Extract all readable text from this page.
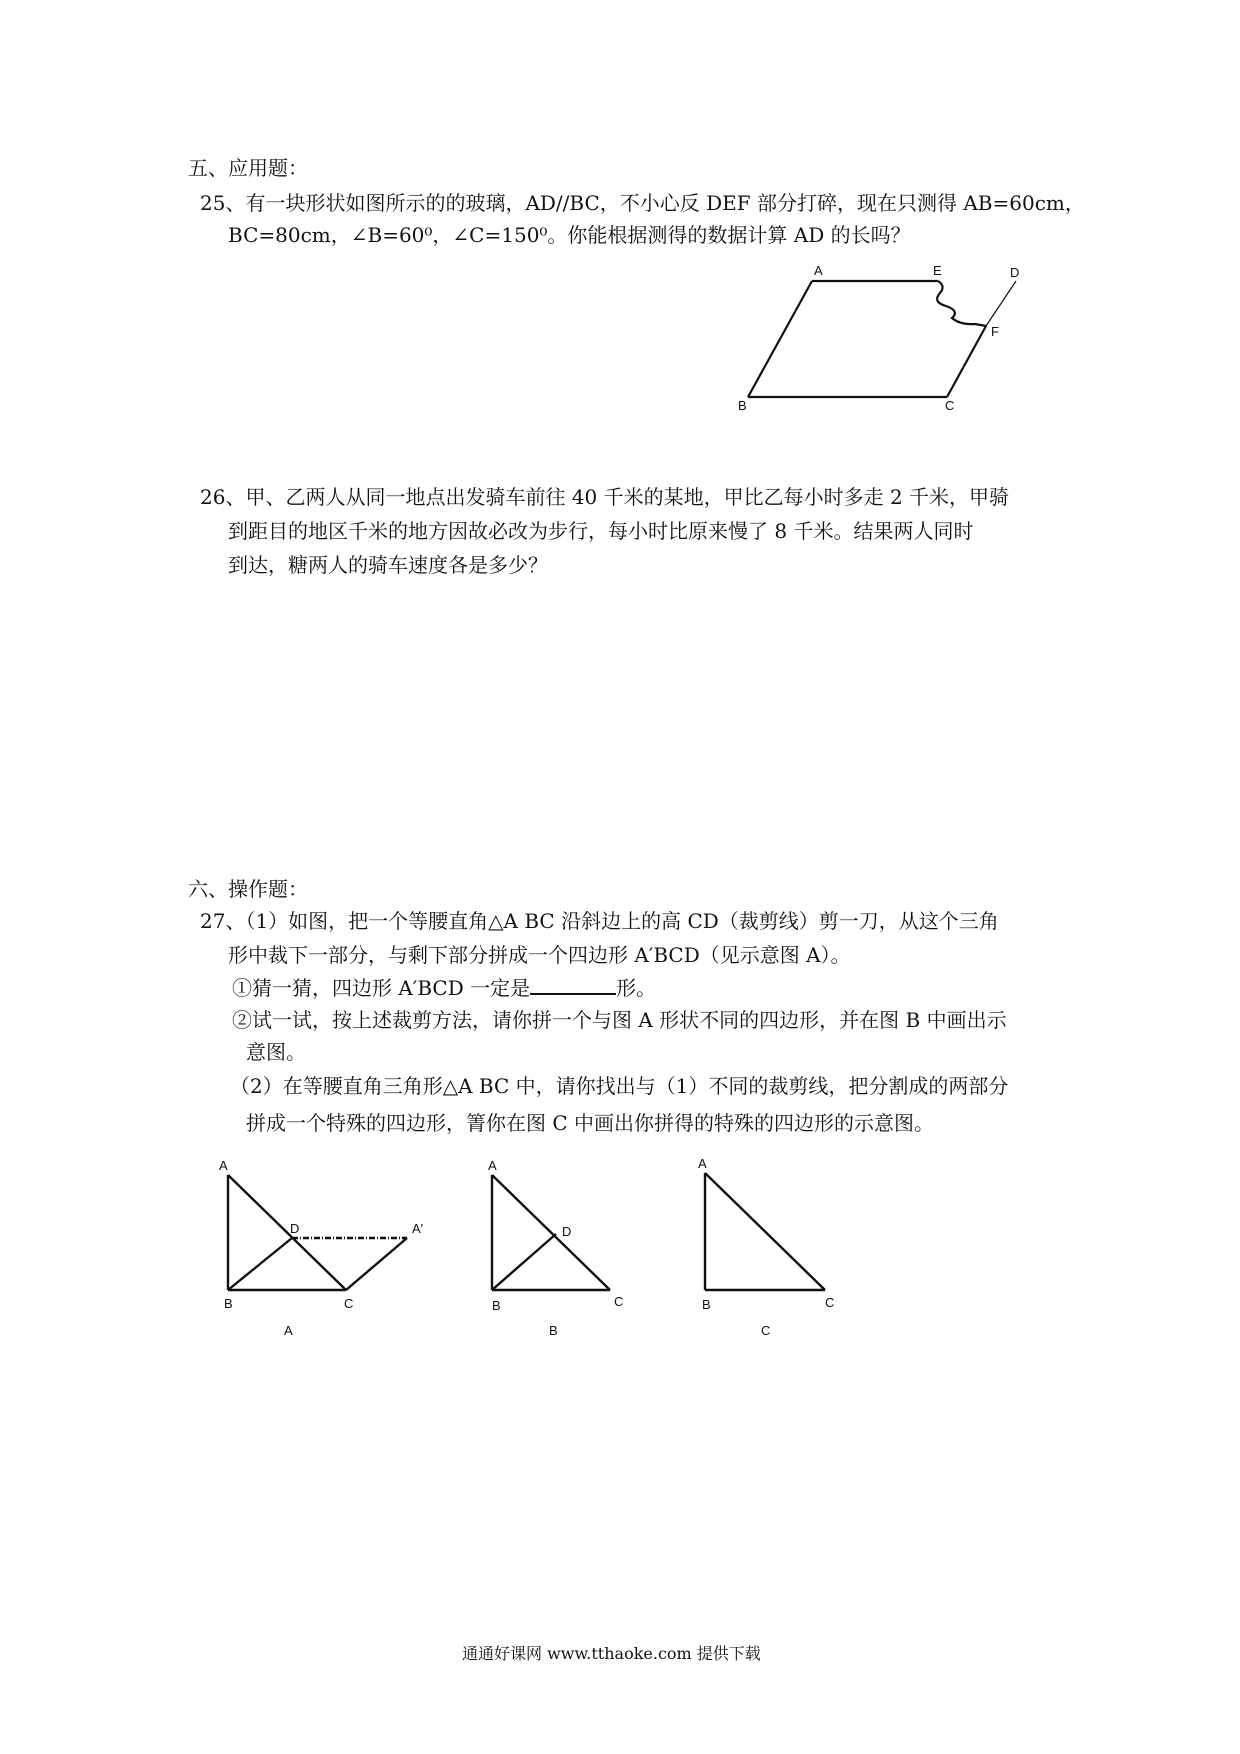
五、应用题：
25、有一块形状如图所示的的玻璃，AD//BC，不小心反 DEF 部分打碎，现在只测得 AB=60cm，
BC=80cm，∠B=60⁰，∠C=150⁰。你能根据测得的数据计算 AD 的长吗？
A	E	D
F
B	C
26、甲、乙两人从同一地点出发骑车前往 40 千米的某地，甲比乙每小时多走 2 千米，甲骑
到距目的地区千米的地方因故必改为步行，每小时比原来慢了 8 千米。结果两人同时
到达，糖两人的骑车速度各是多少？
六、操作题：
27、（1）如图，把一个等腰直角△A BC 沿斜边上的高 CD（裁剪线）剪一刀，从这个三角
形中裁下一部分，与剩下部分拼成一个四边形 A′BCD（见示意图 A）。
①猜一猜，四边形 A′BCD 一定是	形。
②试一试，按上述裁剪方法，请你拼一个与图 A 形状不同的四边形，并在图 B 中画出示
意图。
（2）在等腰直角三角形△A BC 中，请你找出与（1）不同的裁剪线，把分割成的两部分
拼成一个特殊的四边形，箐你在图 C 中画出你拼得的特殊的四边形的示意图。
A
D	A′
B	C
A
A
D
B	C
B
A
B	C
C
通通好课网 www.tthaoke.com 提供下载
